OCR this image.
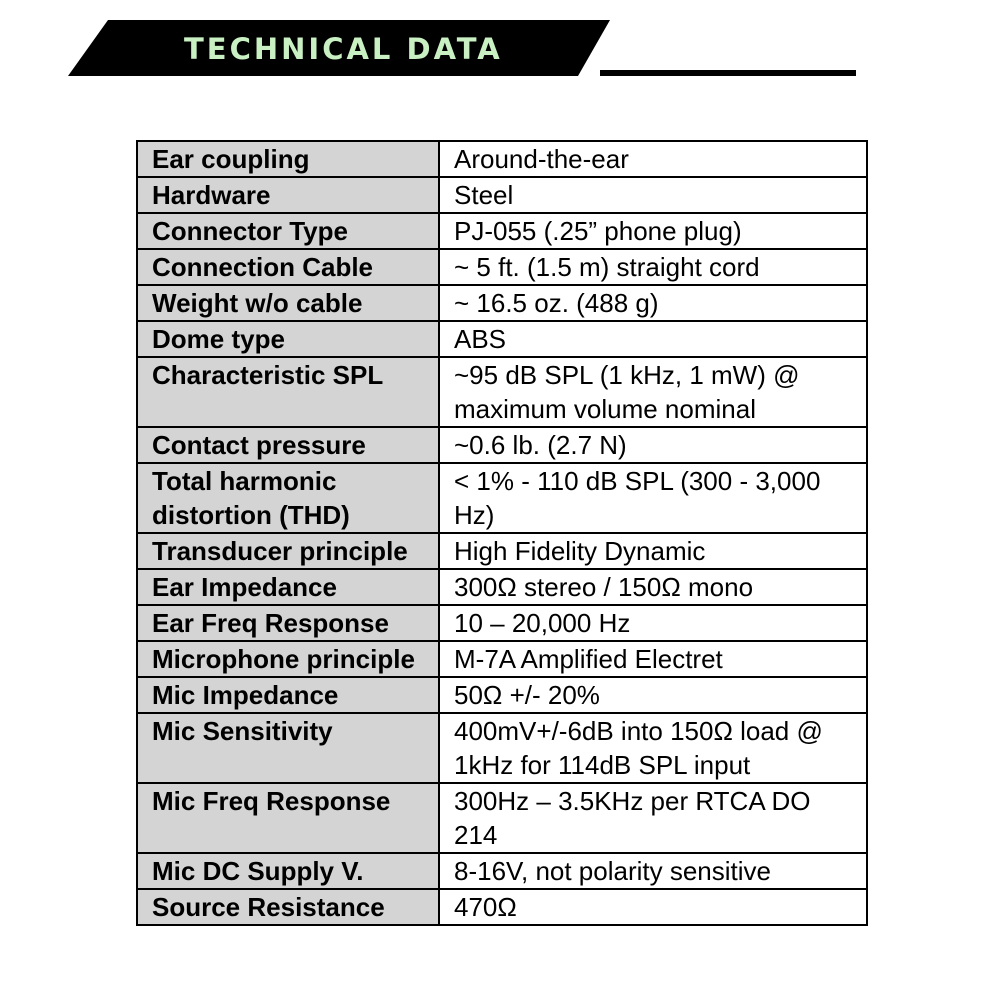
TECHNICAL DATA
Ear coupling	Around-the-ear
Hardware	Steel
Connector Type	PJ-055 (.25” phone plug)
Connection Cable	~ 5 ft. (1.5 m) straight cord
Weight w/o cable	~ 16.5 oz. (488 g)
Dome type	ABS
Characteristic SPL	~95 dB SPL (1 kHz, 1 mW) @ maximum volume nominal
Contact pressure	~0.6 lb. (2.7 N)
Total harmonic distortion (THD)	< 1% - 110 dB SPL (300 - 3,000 Hz)
Transducer principle	High Fidelity Dynamic
Ear Impedance	300Ω stereo / 150Ω mono
Ear Freq Response	10 – 20,000 Hz
Microphone principle	M-7A Amplified Electret
Mic Impedance	50Ω +/- 20%
Mic Sensitivity	400mV+/-6dB into 150Ω load @ 1kHz for 114dB SPL input
Mic Freq Response	300Hz – 3.5KHz per RTCA DO 214
Mic DC Supply V.	8-16V, not polarity sensitive
Source Resistance	470Ω
